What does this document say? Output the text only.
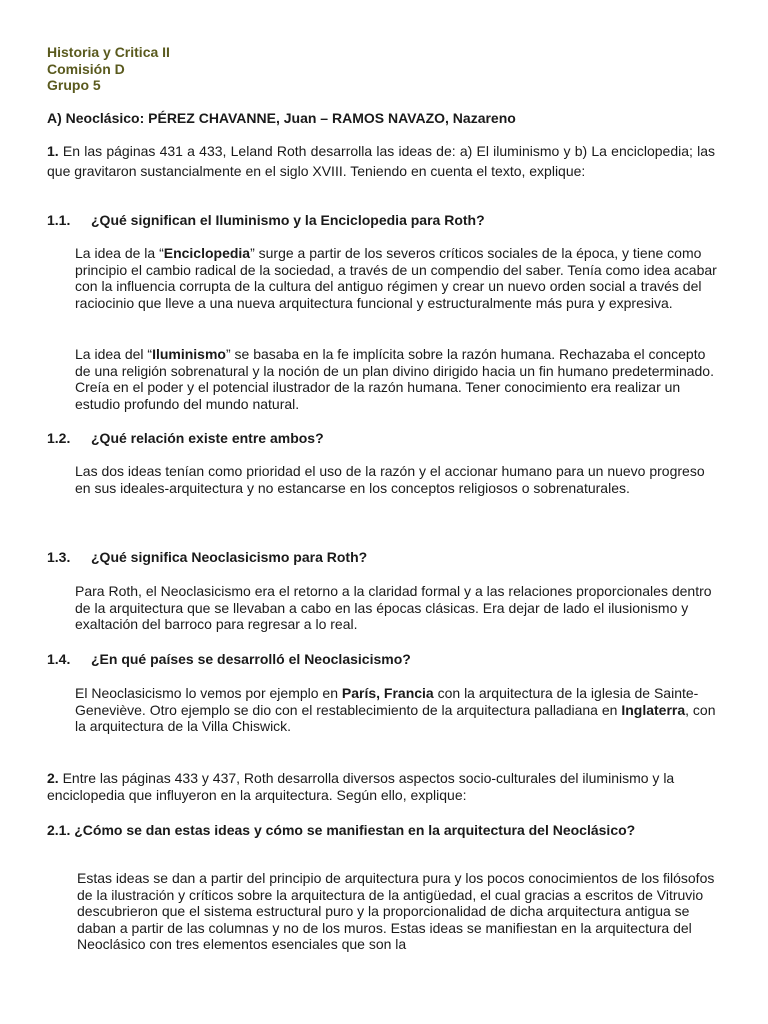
Historia y Critica II
Comisión D
Grupo 5

A) Neoclásico: PÉREZ CHAVANNE, Juan – RAMOS NAVAZO, Nazareno

1. En las páginas 431 a 433, Leland Roth desarrolla las ideas de: a) El iluminismo y b) La enciclopedia; las que gravitaron sustancialmente en el siglo XVIII. Teniendo en cuenta el texto, explique:

1.1. ¿Qué significan el Iluminismo y la Enciclopedia para Roth?

La idea de la “Enciclopedia” surge a partir de los severos críticos sociales de la época, y tiene como principio el cambio radical de la sociedad, a través de un compendio del saber. Tenía como idea acabar con la influencia corrupta de la cultura del antiguo régimen y crear un nuevo orden social a través del raciocinio que lleve a una nueva arquitectura funcional y estructuralmente más pura y expresiva.

La idea del “Iluminismo” se basaba en la fe implícita sobre la razón humana. Rechazaba el concepto de una religión sobrenatural y la noción de un plan divino dirigido hacia un fin humano predeterminado. Creía en el poder y el potencial ilustrador de la razón humana. Tener conocimiento era realizar un estudio profundo del mundo natural.

1.2. ¿Qué relación existe entre ambos?

Las dos ideas tenían como prioridad el uso de la razón y el accionar humano para un nuevo progreso en sus ideales-arquitectura y no estancarse en los conceptos religiosos o sobrenaturales.

1.3. ¿Qué significa Neoclasicismo para Roth?

Para Roth, el Neoclasicismo era el retorno a la claridad formal y a las relaciones proporcionales dentro de la arquitectura que se llevaban a cabo en las épocas clásicas. Era dejar de lado el ilusionismo y exaltación del barroco para regresar a lo real.

1.4. ¿En qué países se desarrolló el Neoclasicismo?

El Neoclasicismo lo vemos por ejemplo en París, Francia con la arquitectura de la iglesia de Sainte-Geneviève. Otro ejemplo se dio con el restablecimiento de la arquitectura palladiana en Inglaterra, con la arquitectura de la Villa Chiswick.

2. Entre las páginas 433 y 437, Roth desarrolla diversos aspectos socio-culturales del iluminismo y la enciclopedia que influyeron en la arquitectura. Según ello, explique:

2.1. ¿Cómo se dan estas ideas y cómo se manifiestan en la arquitectura del Neoclásico?

Estas ideas se dan a partir del principio de arquitectura pura y los pocos conocimientos de los filósofos de la ilustración y críticos sobre la arquitectura de la antigüedad, el cual gracias a escritos de Vitruvio descubrieron que el sistema estructural puro y la proporcionalidad de dicha arquitectura antigua se daban a partir de las columnas y no de los muros. Estas ideas se manifiestan en la arquitectura del Neoclásico con tres elementos esenciales que son la
